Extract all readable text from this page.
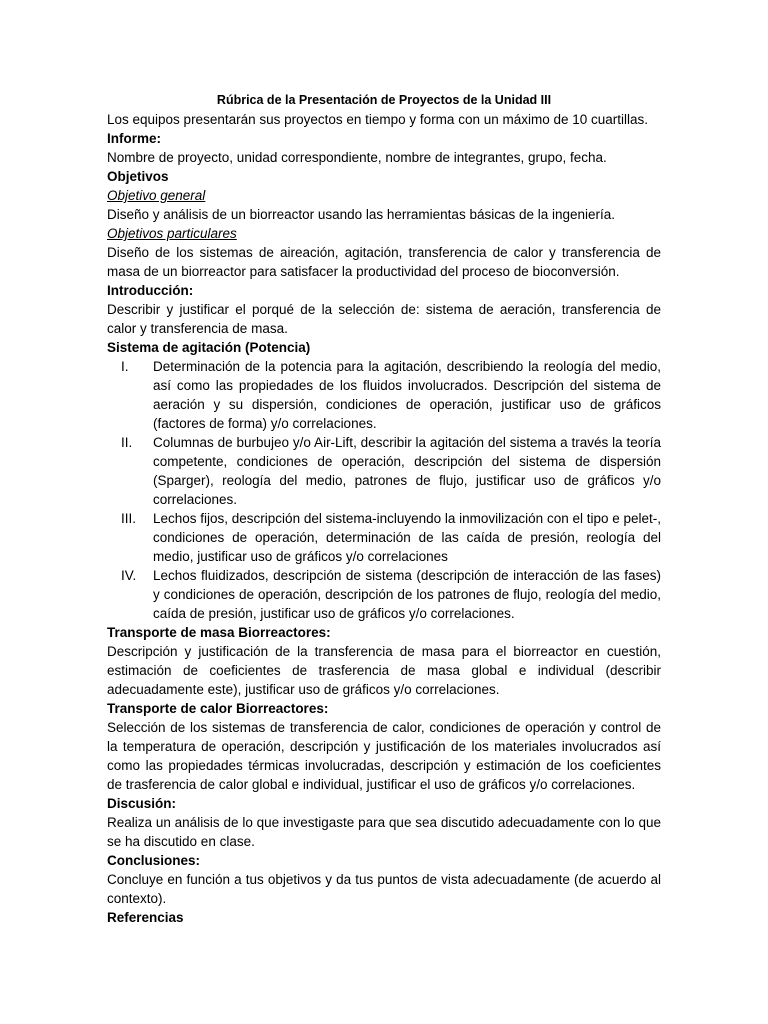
Rúbrica de la Presentación de Proyectos de la Unidad III

Los equipos presentarán sus proyectos en tiempo y forma con un máximo de 10 cuartillas.

Informe:

Nombre de proyecto, unidad correspondiente, nombre de integrantes, grupo, fecha.

Objetivos

Objetivo general

Diseño y análisis de un biorreactor usando las herramientas básicas de la ingeniería.

Objetivos particulares

Diseño de los sistemas de aireación, agitación, transferencia de calor y transferencia de masa de un biorreactor para satisfacer la productividad del proceso de bioconversión.

Introducción:

Describir y justificar el porqué de la selección de: sistema de aeración, transferencia de calor y transferencia de masa.

Sistema de agitación (Potencia)

I.	Determinación de la potencia para la agitación, describiendo la reología del medio, así como las propiedades de los fluidos involucrados. Descripción del sistema de aeración y su dispersión, condiciones de operación, justificar uso de gráficos (factores de forma) y/o correlaciones.
II.	Columnas de burbujeo y/o Air-Lift, describir la agitación del sistema a través la teoría competente, condiciones de operación, descripción del sistema de dispersión (Sparger), reología del medio, patrones de flujo, justificar uso de gráficos y/o correlaciones.
III.	Lechos fijos, descripción del sistema-incluyendo la inmovilización con el tipo e pelet-, condiciones de operación, determinación de las caída de presión, reología del medio, justificar uso de gráficos y/o correlaciones
IV.	Lechos fluidizados, descripción de sistema (descripción de interacción de las fases) y condiciones de operación, descripción de los patrones de flujo, reología del medio, caída de presión, justificar uso de gráficos y/o correlaciones.

Transporte de masa Biorreactores:

Descripción y justificación de la transferencia de masa para el biorreactor en cuestión, estimación de coeficientes de trasferencia de masa global e individual (describir adecuadamente este), justificar uso de gráficos y/o correlaciones.

Transporte de calor Biorreactores:

Selección de los sistemas de transferencia de calor, condiciones de operación y control de la temperatura de operación, descripción y justificación de los materiales involucrados así como las propiedades térmicas involucradas, descripción y estimación de los coeficientes de trasferencia de calor global e individual, justificar el uso de gráficos y/o correlaciones.

Discusión:

Realiza un análisis de lo que investigaste para que sea discutido adecuadamente con lo que se ha discutido en clase.

Conclusiones:

Concluye en función a tus objetivos y da tus puntos de vista adecuadamente (de acuerdo al contexto).

Referencias
